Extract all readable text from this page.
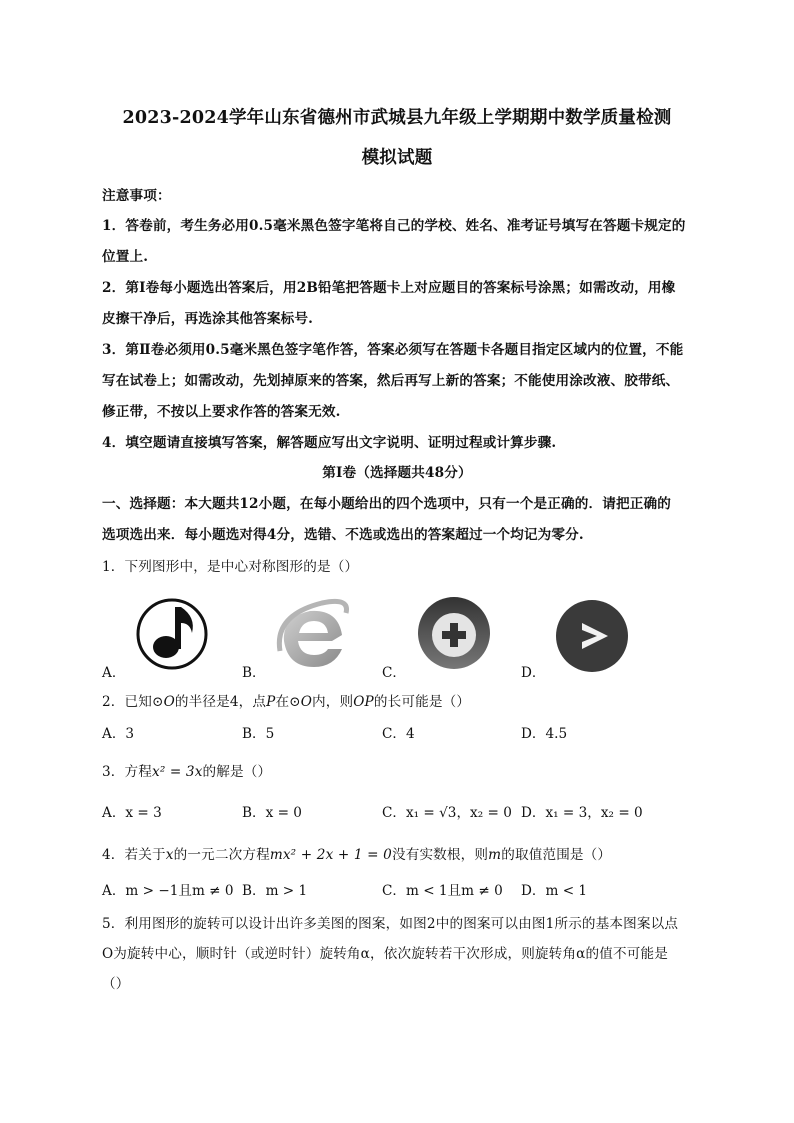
2023-2024学年山东省德州市武城县九年级上学期期中数学质量检测
模拟试题
注意事项：
1．答卷前，考生务必用0.5毫米黑色签字笔将自己的学校、姓名、准考证号填写在答题卡规定的
位置上.
2．第Ⅰ卷每小题选出答案后，用2B铅笔把答题卡上对应题目的答案标号涂黑；如需改动，用橡
皮擦干净后，再选涂其他答案标号.
3．第Ⅱ卷必须用0.5毫米黑色签字笔作答，答案必须写在答题卡各题目指定区域内的位置，不能
写在试卷上；如需改动，先划掉原来的答案，然后再写上新的答案；不能使用涂改液、胶带纸、
修正带，不按以上要求作答的答案无效.
4．填空题请直接填写答案，解答题应写出文字说明、证明过程或计算步骤.
第Ⅰ卷（选择题共48分）
一、选择题：本大题共12小题，在每小题给出的四个选项中，只有一个是正确的．请把正确的
选项选出来．每小题选对得4分，选错、不选或选出的答案超过一个均记为零分.
1．下列图形中，是中心对称图形的是（）
A．	B．	C．	D．
2．已知⊙O的半径是4，点P在⊙O内，则OP的长可能是（）
A．3	B．5	C．4	D．4.5
3．方程x² = 3x的解是（）
A．x = 3	B．x = 0	C．x₁ = √3，x₂ = 0 D．x₁ = 3，x₂ = 0
4．若关于x的一元二次方程mx² + 2x + 1 = 0没有实数根，则m的取值范围是（）
A．m > −1且m ≠ 0 B．m > 1	C．m < 1且m ≠ 0 D．m < 1
5．利用图形的旋转可以设计出许多美图的图案，如图2中的图案可以由图1所示的基本图案以点
O为旋转中心，顺时针（或逆时针）旋转角α，依次旋转若干次形成，则旋转角α的值不可能是
（）
